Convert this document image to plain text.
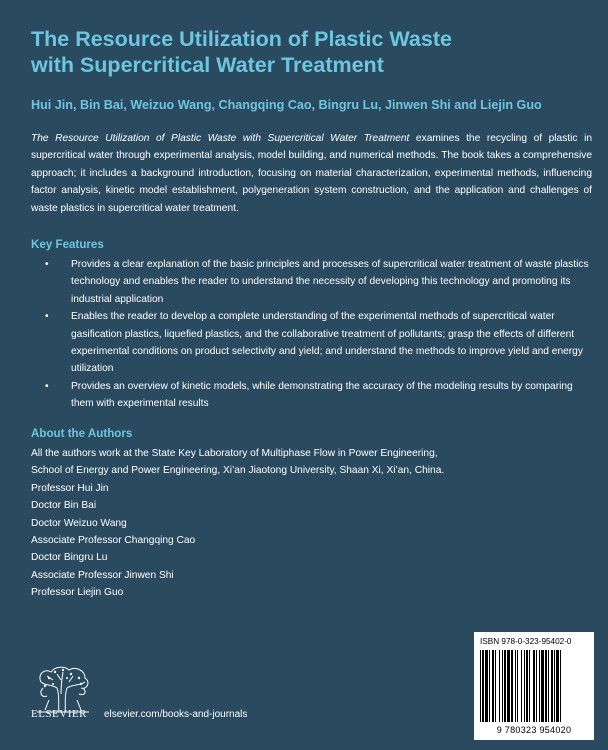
The Resource Utilization of Plastic Waste
with Supercritical Water Treatment
Hui Jin, Bin Bai, Weizuo Wang, Changqing Cao, Bingru Lu, Jinwen Shi and Liejin Guo

The Resource Utilization of Plastic Waste with Supercritical Water Treatment examines the recycling of plastic in supercritical water through experimental analysis, model building, and numerical methods. The book takes a comprehensive approach; it includes a background introduction, focusing on material characterization, experimental methods, influencing factor analysis, kinetic model establishment, polygeneration system construction, and the application and challenges of waste plastics in supercritical water treatment.

Key Features
• Provides a clear explanation of the basic principles and processes of supercritical water treatment of waste plastics technology and enables the reader to understand the necessity of developing this technology and promoting its industrial application
• Enables the reader to develop a complete understanding of the experimental methods of supercritical water gasification plastics, liquefied plastics, and the collaborative treatment of pollutants; grasp the effects of different experimental conditions on product selectivity and yield; and understand the methods to improve yield and energy utilization
• Provides an overview of kinetic models, while demonstrating the accuracy of the modeling results by comparing them with experimental results
About the Authors
All the authors work at the State Key Laboratory of Multiphase Flow in Power Engineering,
School of Energy and Power Engineering, Xi’an Jiaotong University, Shaan Xi, Xi’an, China.
Professor Hui Jin
Doctor Bin Bai
Doctor Weizuo Wang
Associate Professor Changqing Cao
Doctor Bingru Lu
Associate Professor Jinwen Shi
Professor Liejin Guo
ELSEVIER elsevier.com/books-and-journals
ISBN 978-0-323-95402-0
9 780323 954020
